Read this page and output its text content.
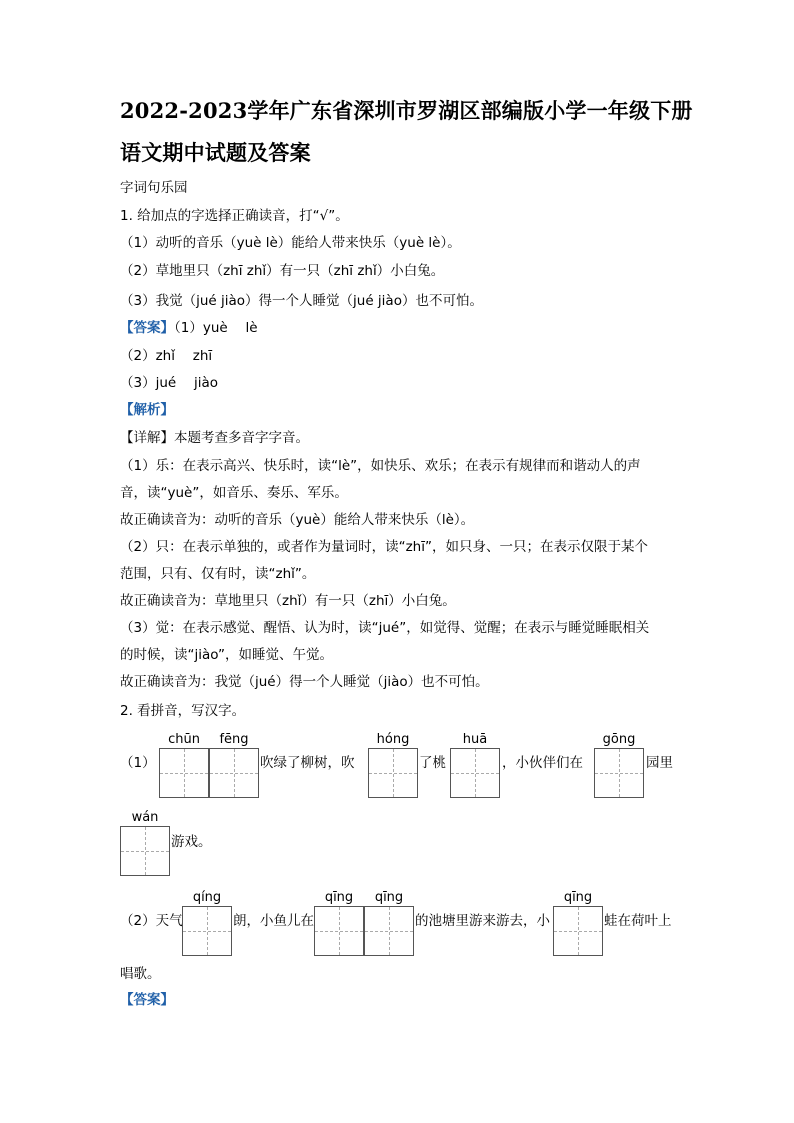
2022-2023学年广东省深圳市罗湖区部编版小学一年级下册
语文期中试题及答案
字词句乐园
1. 给加点的字选择正确读音，打“√”。
（1）动听的音乐（yuè lè）能给人带来快乐（yuè lè）。
（2）草地里只（zhī zhǐ）有一只（zhī zhǐ）小白兔。
（3）我觉（jué jiào）得一个人睡觉（jué jiào）也不可怕。
【答案】（1）yuè　 lè
（2）zhǐ　 zhī
（3）jué　 jiào
【解析】
【详解】本题考查多音字字音。
（1）乐：在表示高兴、快乐时，读“lè”，如快乐、欢乐；在表示有规律而和谐动人的声
音，读“yuè”，如音乐、奏乐、军乐。
故正确读音为：动听的音乐（yuè）能给人带来快乐（lè）。
（2）只：在表示单独的，或者作为量词时，读“zhī”，如只身、一只；在表示仅限于某个
范围，只有、仅有时，读“zhǐ”。
故正确读音为：草地里只（zhǐ）有一只（zhī）小白兔。
（3）觉：在表示感觉、醒悟、认为时，读“jué”，如觉得、觉醒；在表示与睡觉睡眠相关
的时候，读“jiào”，如睡觉、午觉。
故正确读音为：我觉（jué）得一个人睡觉（jiào）也不可怕。
2. 看拼音，写汉字。
（1）
chūn	fēng
吹绿了柳树，吹
hóng
了桃
huā
，小伙伴们在
gōng
园里
wán
游戏。
（2）天气
qíng
朗，小鱼儿在
qīng	qīng
的池塘里游来游去，小
qīng
蛙在荷叶上
唱歌。
【答案】
